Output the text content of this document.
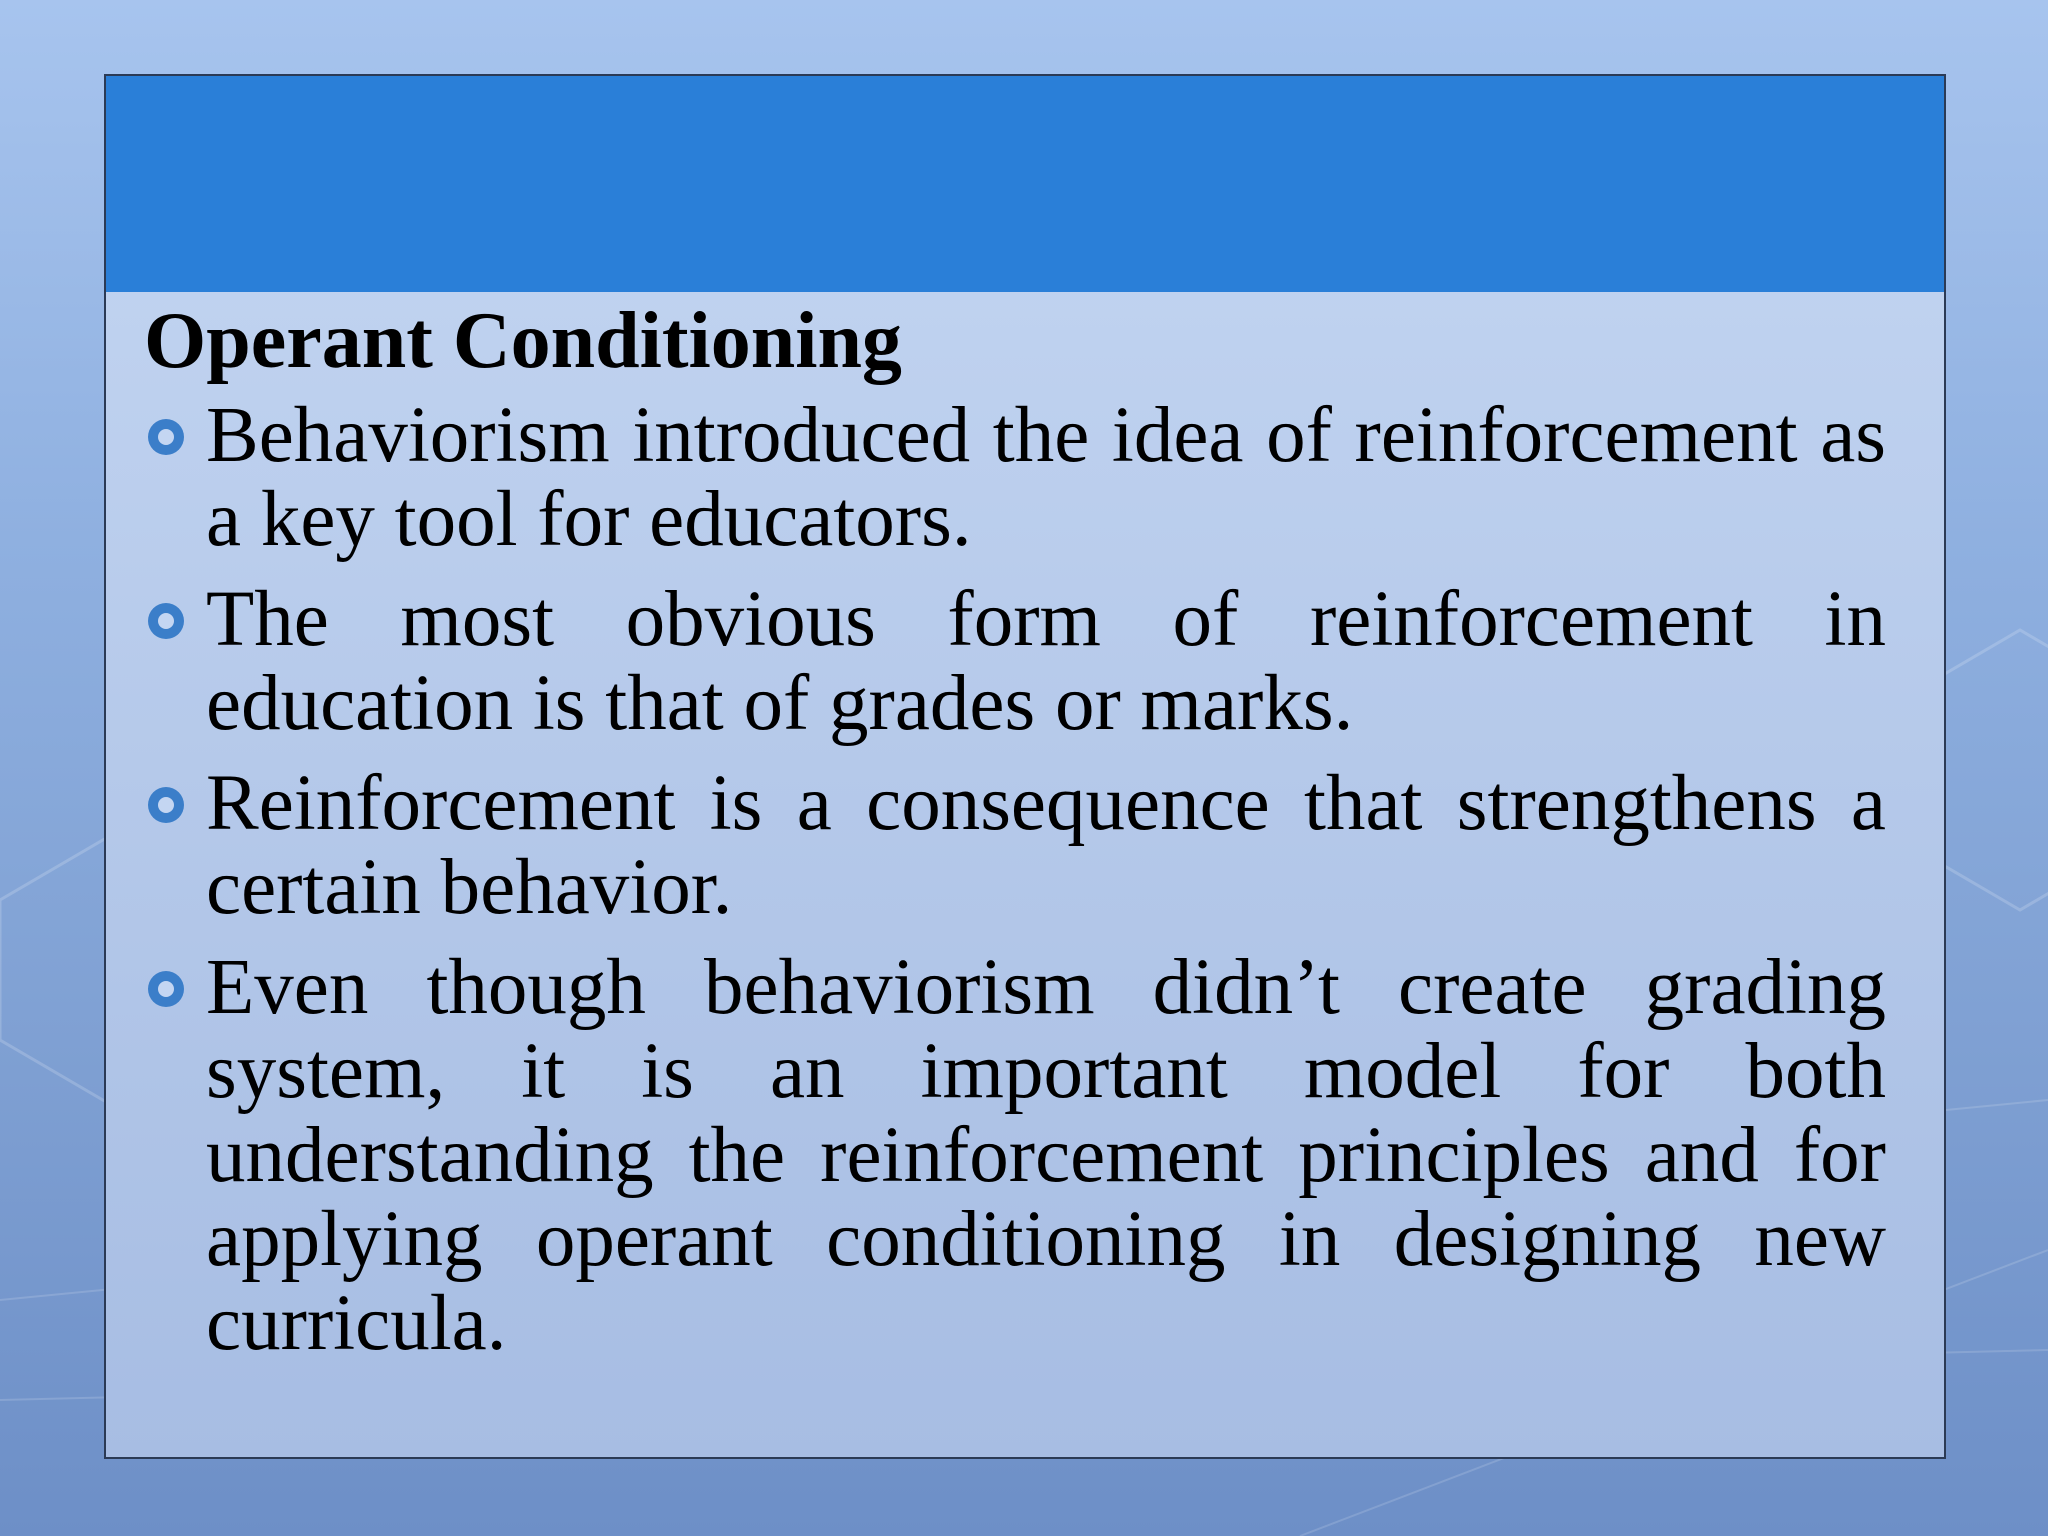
Operant Conditioning
Behaviorism introduced the idea of reinforcement as a key tool for educators.
The most obvious form of reinforcement in education is that of grades or marks.
Reinforcement is a consequence that strengthens a certain behavior.
Even though behaviorism didn’t create grading system, it is an important model for both understanding the reinforcement principles and for applying operant conditioning in designing new curricula.
